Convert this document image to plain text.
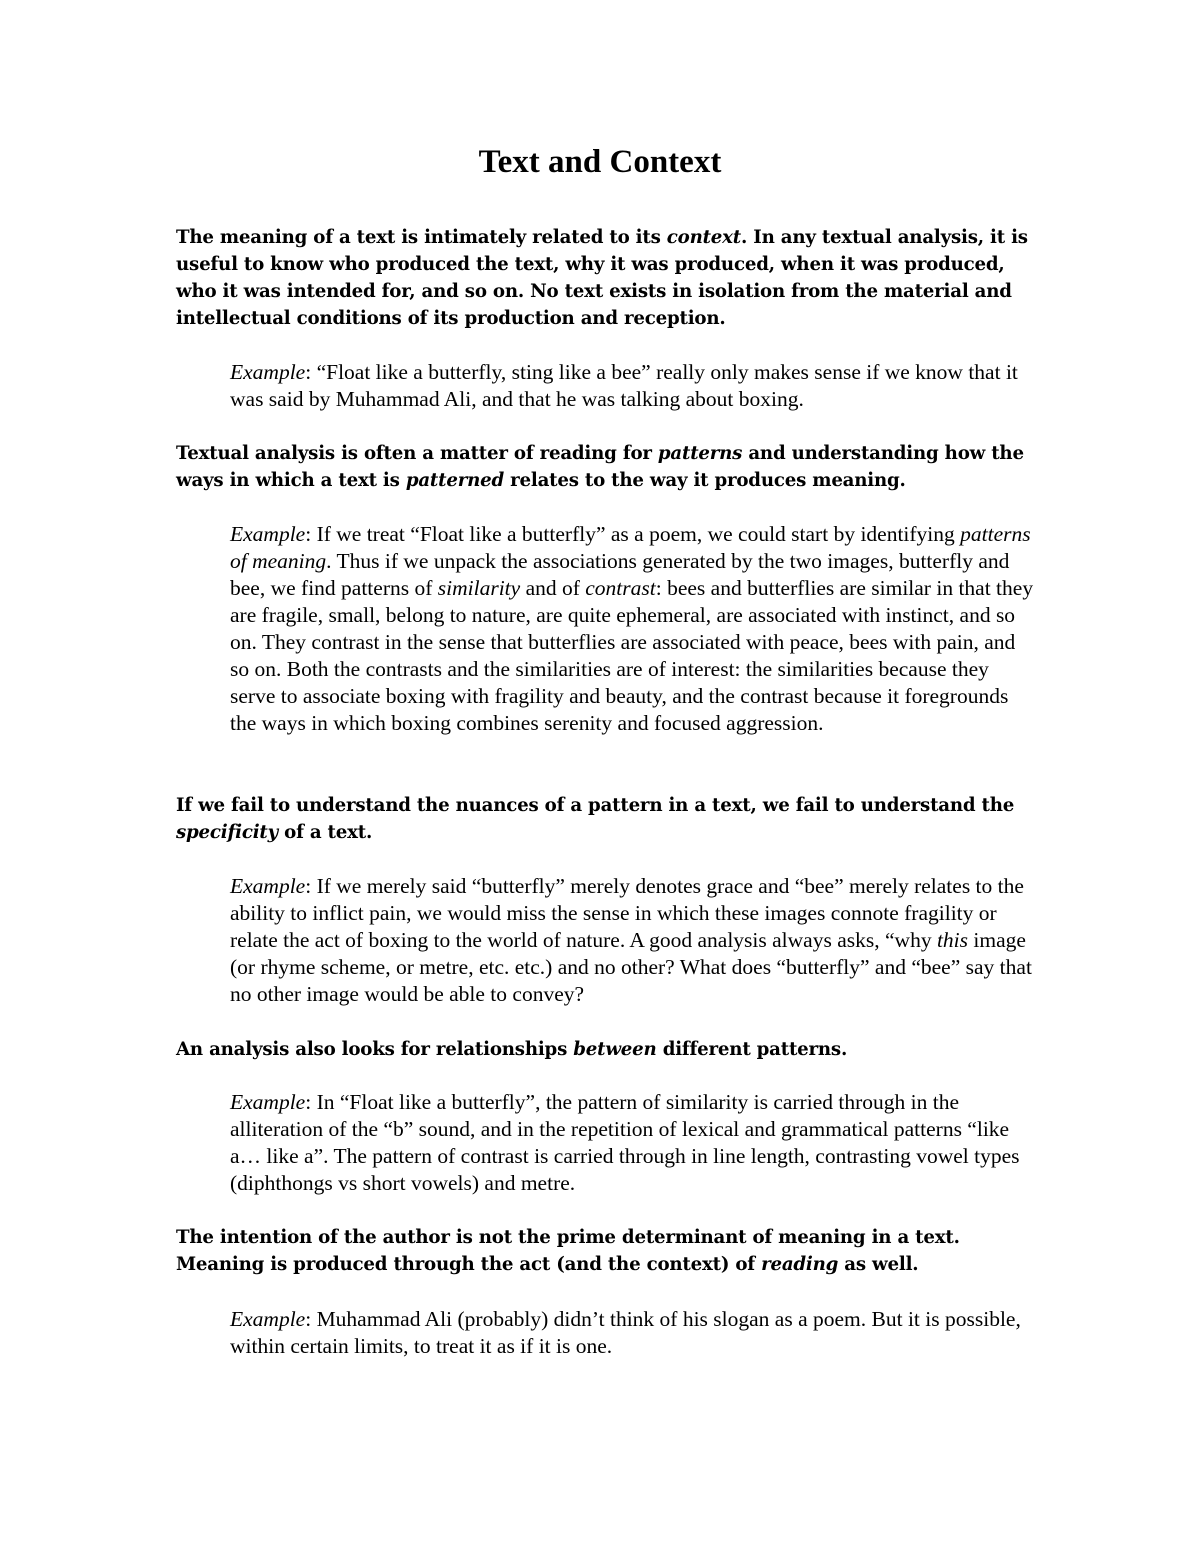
Text and Context

The meaning of a text is intimately related to its context. In any textual analysis, it is useful to know who produced the text, why it was produced, when it was produced, who it was intended for, and so on. No text exists in isolation from the material and intellectual conditions of its production and reception.

Example: “Float like a butterfly, sting like a bee” really only makes sense if we know that it was said by Muhammad Ali, and that he was talking about boxing.

Textual analysis is often a matter of reading for patterns and understanding how the ways in which a text is patterned relates to the way it produces meaning.

Example: If we treat “Float like a butterfly” as a poem, we could start by identifying patterns of meaning. Thus if we unpack the associations generated by the two images, butterfly and bee, we find patterns of similarity and of contrast: bees and butterflies are similar in that they are fragile, small, belong to nature, are quite ephemeral, are associated with instinct, and so on. They contrast in the sense that butterflies are associated with peace, bees with pain, and so on. Both the contrasts and the similarities are of interest: the similarities because they serve to associate boxing with fragility and beauty, and the contrast because it foregrounds the ways in which boxing combines serenity and focused aggression.

If we fail to understand the nuances of a pattern in a text, we fail to understand the specificity of a text.

Example: If we merely said “butterfly” merely denotes grace and “bee” merely relates to the ability to inflict pain, we would miss the sense in which these images connote fragility or relate the act of boxing to the world of nature. A good analysis always asks, “why this image (or rhyme scheme, or metre, etc. etc.) and no other? What does “butterfly” and “bee” say that no other image would be able to convey?

An analysis also looks for relationships between different patterns.

Example: In “Float like a butterfly”, the pattern of similarity is carried through in the alliteration of the “b” sound, and in the repetition of lexical and grammatical patterns “like a… like a”. The pattern of contrast is carried through in line length, contrasting vowel types (diphthongs vs short vowels) and metre.

The intention of the author is not the prime determinant of meaning in a text. Meaning is produced through the act (and the context) of reading as well.

Example: Muhammad Ali (probably) didn’t think of his slogan as a poem. But it is possible, within certain limits, to treat it as if it is one.
